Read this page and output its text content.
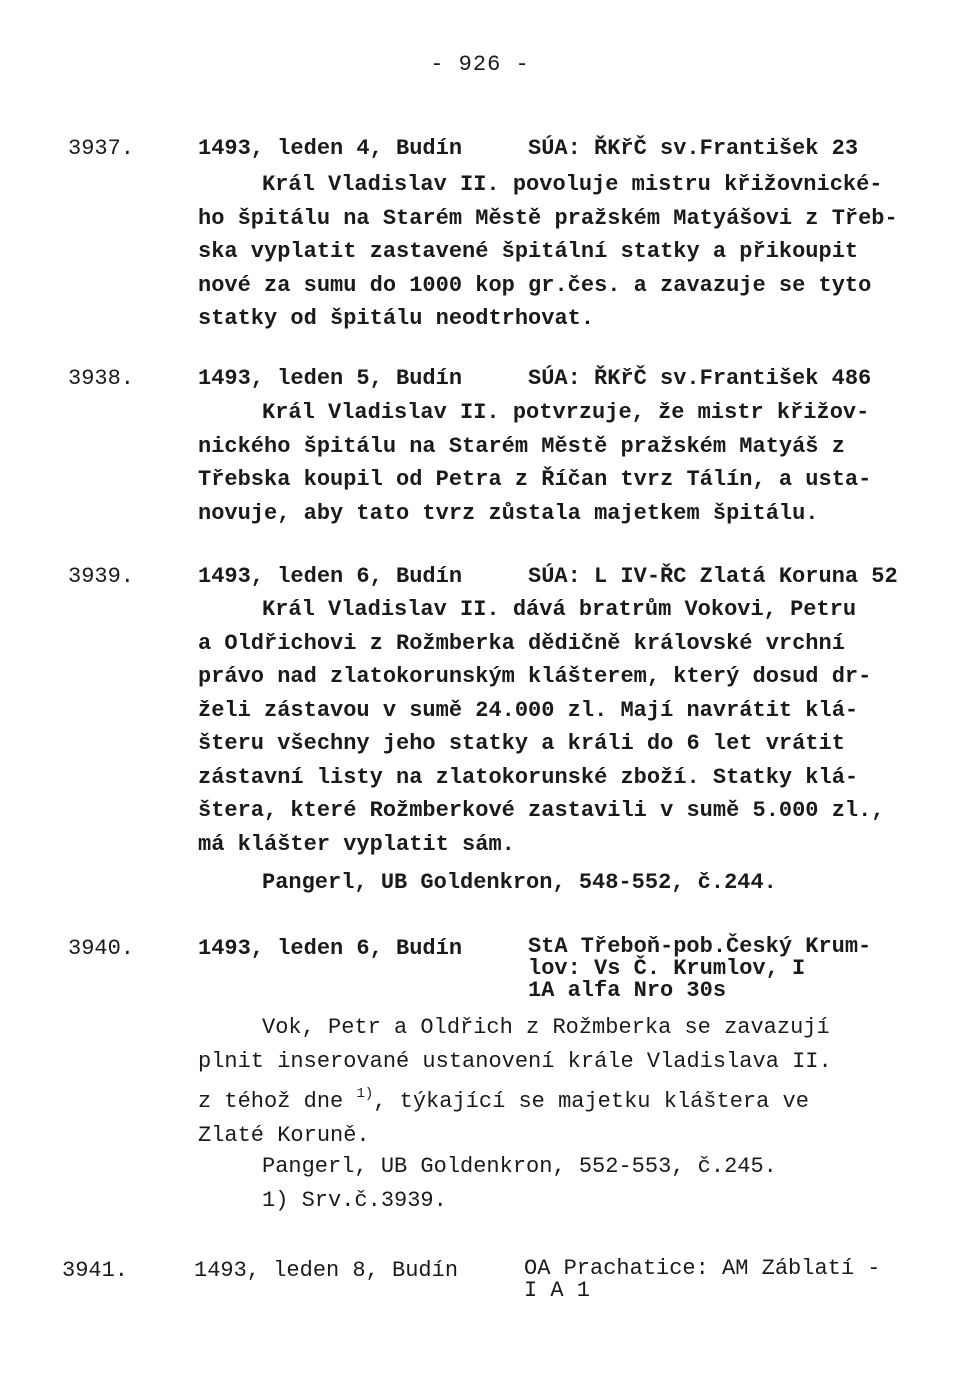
- 926 -
3937.	1493, leden 4, Budín	SÚA: ŘKřČ sv.František 23
Král Vladislav II. povoluje mistru křižovnické-
ho špitálu na Starém Městě pražském Matyášovi z Třeb-
ska vyplatit zastavené špitální statky a přikoupit
nové za sumu do 1000 kop gr.čes. a zavazuje se tyto
statky od špitálu neodtrhovat.
3938.	1493, leden 5, Budín	SÚA: ŘKřČ sv.František 486
Král Vladislav II. potvrzuje, že mistr křižov-
nického špitálu na Starém Městě pražském Matyáš z
Třebska koupil od Petra z Říčan tvrz Tálín, a usta-
novuje, aby tato tvrz zůstala majetkem špitálu.
3939.	1493, leden 6, Budín	SÚA: L IV-ŘC Zlatá Koruna 52
Král Vladislav II. dává bratrům Vokovi, Petru
a Oldřichovi z Rožmberka dědičně královské vrchní
právo nad zlatokorunským klášterem, který dosud dr-
želi zástavou v sumě 24.000 zl. Mají navrátit klá-
šteru všechny jeho statky a králi do 6 let vrátit
zástavní listy na zlatokorunské zboží. Statky klá-
štera, které Rožmberkové zastavili v sumě 5.000 zl.,
má klášter vyplatit sám.
Pangerl, UB Goldenkron, 548-552, č.244.
3940.	1493, leden 6, Budín	StA Třeboň-pob.Český Krum-
lov: Vs Č. Krumlov, I
1A alfa Nro 30s
Vok, Petr a Oldřich z Rožmberka se zavazují
plnit inserované ustanovení krále Vladislava II.
z téhož dne $^{1)}$, týkající se majetku kláštera ve
Zlaté Koruně.
Pangerl, UB Goldenkron, 552-553, č.245.
1) Srv.č.3939.
3941.	1493, leden 8, Budín	OA Prachatice: AM Záblatí -
I A 1
